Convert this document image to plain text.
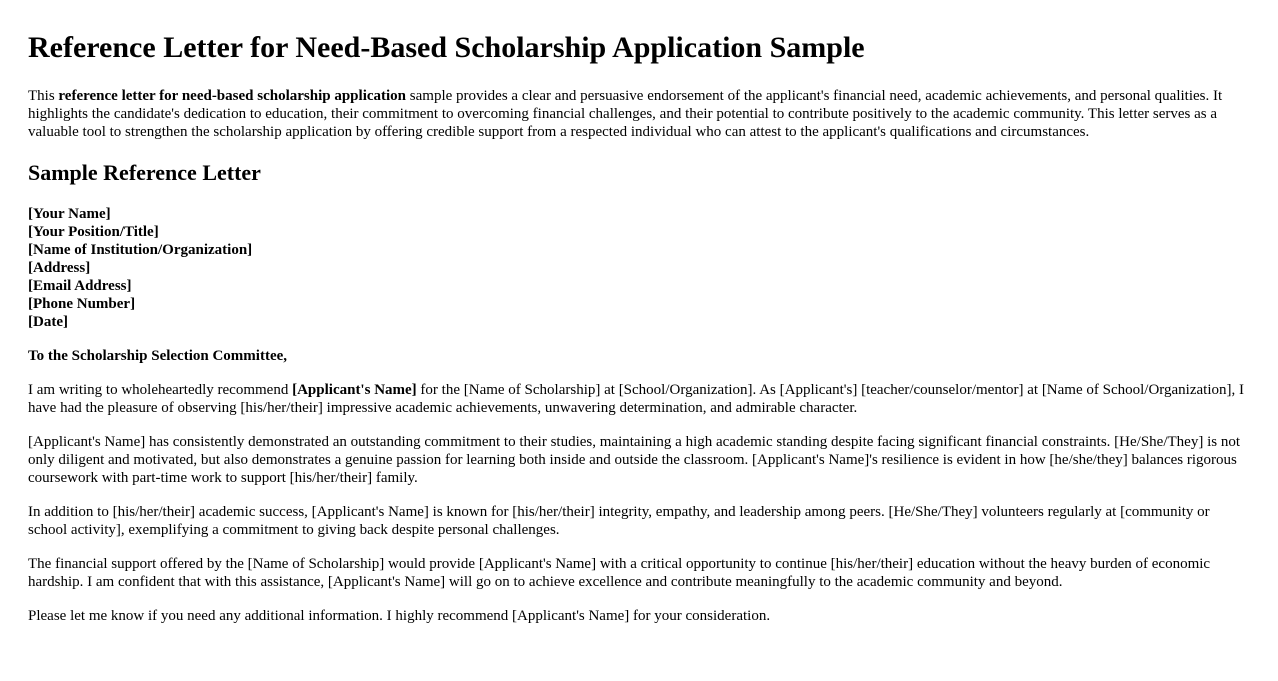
Reference Letter for Need-Based Scholarship Application Sample

This reference letter for need-based scholarship application sample provides a clear and persuasive endorsement of the applicant's financial need, academic achievements, and personal qualities. It highlights the candidate's dedication to education, their commitment to overcoming financial challenges, and their potential to contribute positively to the academic community. This letter serves as a valuable tool to strengthen the scholarship application by offering credible support from a respected individual who can attest to the applicant's qualifications and circumstances.

Sample Reference Letter
[Your Name]
[Your Position/Title]
[Name of Institution/Organization]
[Address]
[Email Address]
[Phone Number]
[Date]

To the Scholarship Selection Committee,

I am writing to wholeheartedly recommend [Applicant's Name] for the [Name of Scholarship] at [School/Organization]. As [Applicant's] [teacher/counselor/mentor] at [Name of School/Organization], I have had the pleasure of observing [his/her/their] impressive academic achievements, unwavering determination, and admirable character.

[Applicant's Name] has consistently demonstrated an outstanding commitment to their studies, maintaining a high academic standing despite facing significant financial constraints. [He/She/They] is not only diligent and motivated, but also demonstrates a genuine passion for learning both inside and outside the classroom. [Applicant's Name]'s resilience is evident in how [he/she/they] balances rigorous coursework with part-time work to support [his/her/their] family.

In addition to [his/her/their] academic success, [Applicant's Name] is known for [his/her/their] integrity, empathy, and leadership among peers. [He/She/They] volunteers regularly at [community or school activity], exemplifying a commitment to giving back despite personal challenges.

The financial support offered by the [Name of Scholarship] would provide [Applicant's Name] with a critical opportunity to continue [his/her/their] education without the heavy burden of economic hardship. I am confident that with this assistance, [Applicant's Name] will go on to achieve excellence and contribute meaningfully to the academic community and beyond.

Please let me know if you need any additional information. I highly recommend [Applicant's Name] for your consideration.
